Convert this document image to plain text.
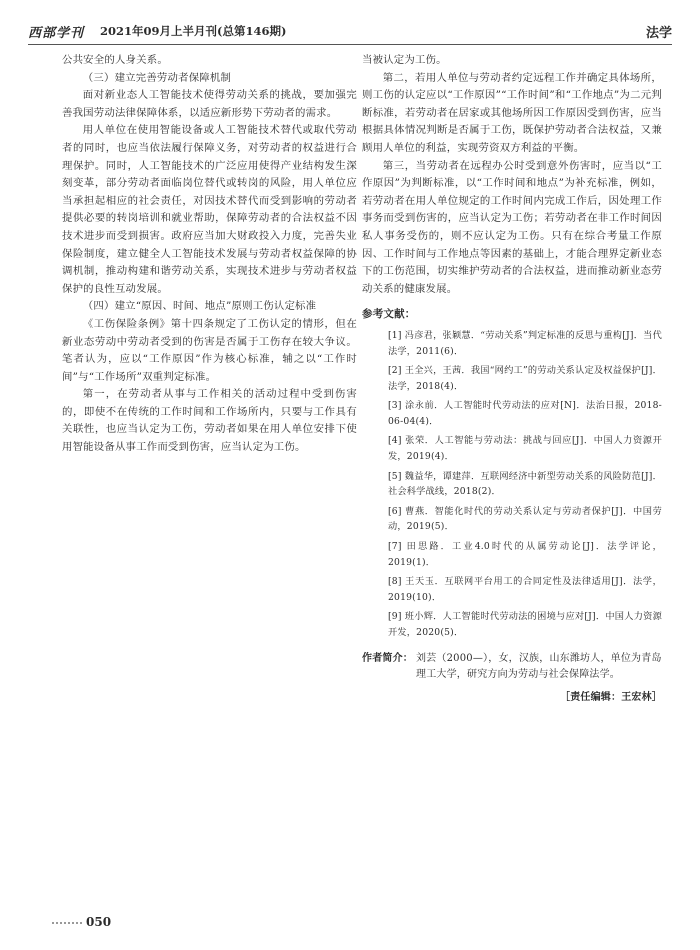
西部学刊 2021年09月上半月刊(总第146期)	法学

公共安全的人身关系。

（三）建立完善劳动者保障机制

面对新业态人工智能技术使得劳动关系的挑战，要加强完善我国劳动法律保障体系，以适应新形势下劳动者的需求。

用人单位在使用智能设备或人工智能技术替代或取代劳动者的同时，也应当依法履行保障义务，对劳动者的权益进行合理保护。同时，人工智能技术的广泛应用使得产业结构发生深刻变革，部分劳动者面临岗位替代或转岗的风险，用人单位应当承担起相应的社会责任，对因技术替代而受到影响的劳动者提供必要的转岗培训和就业帮助，保障劳动者的合法权益不因技术进步而受到损害。政府应当加大财政投入力度，完善失业保险制度，建立健全人工智能技术发展与劳动者权益保障的协调机制，推动构建和谐劳动关系，实现技术进步与劳动者权益保护的良性互动发展。

（四）建立“原因、时间、地点”原则工伤认定标准

《工伤保险条例》第十四条规定了工伤认定的情形，但在新业态劳动中劳动者受到的伤害是否属于工伤存在较大争议。笔者认为，应以“工作原因”作为核心标准，辅之以“工作时间”与“工作场所”双重判定标准。

第一，在劳动者从事与工作相关的活动过程中受到伤害的，即使不在传统的工作时间和工作场所内，只要与工作具有关联性，也应当认定为工伤，劳动者如果在用人单位安排下使用智能设备从事工作而受到伤害，应当认定为工伤。

当被认定为工伤。

第二，若用人单位与劳动者约定远程工作并确定具体场所，则工伤的认定应以“工作原因”“工作时间”和“工作地点”为二元判断标准，若劳动者在居家或其他场所因工作原因受到伤害，应当根据具体情况判断是否属于工伤，既保护劳动者合法权益，又兼顾用人单位的利益，实现劳资双方利益的平衡。

第三，当劳动者在远程办公时受到意外伤害时，应当以“工作原因”为判断标准，以“工作时间和地点”为补充标准，例如，若劳动者在用人单位规定的工作时间内完成工作后，因处理工作事务而受到伤害的，应当认定为工伤；若劳动者在非工作时间因私人事务受伤的，则不应认定为工伤。只有在综合考量工作原因、工作时间与工作地点等因素的基础上，才能合理界定新业态下的工伤范围，切实维护劳动者的合法权益，进而推动新业态劳动关系的健康发展。

参考文献：
[1] 冯彦君，张颖慧．“劳动关系”判定标准的反思与重构[J]．当代法学，2011(6)．
[2] 王全兴，王茜．我国“网约工”的劳动关系认定及权益保护[J]．法学，2018(4)．
[3] 涂永前．人工智能时代劳动法的应对[N]．法治日报，2018-06-04(4)．
[4] 张荣．人工智能与劳动法：挑战与回应[J]．中国人力资源开发，2019(4)．
[5] 魏益华，谭建萍．互联网经济中新型劳动关系的风险防范[J]．社会科学战线，2018(2)．
[6] 曹燕．智能化时代的劳动关系认定与劳动者保护[J]．中国劳动，2019(5)．
[7] 田思路．工业4.0时代的从属劳动论[J]．法学评论，2019(1)．
[8] 王天玉．互联网平台用工的合同定性及法律适用[J]．法学，2019(10)．
[9] 班小辉．人工智能时代劳动法的困境与应对[J]．中国人力资源开发，2020(5)．
作者简介： 刘芸（2000—），女，汉族，山东潍坊人，单位为青岛理工大学，研究方向为劳动与社会保障法学。
［责任编辑：王宏林］
050
